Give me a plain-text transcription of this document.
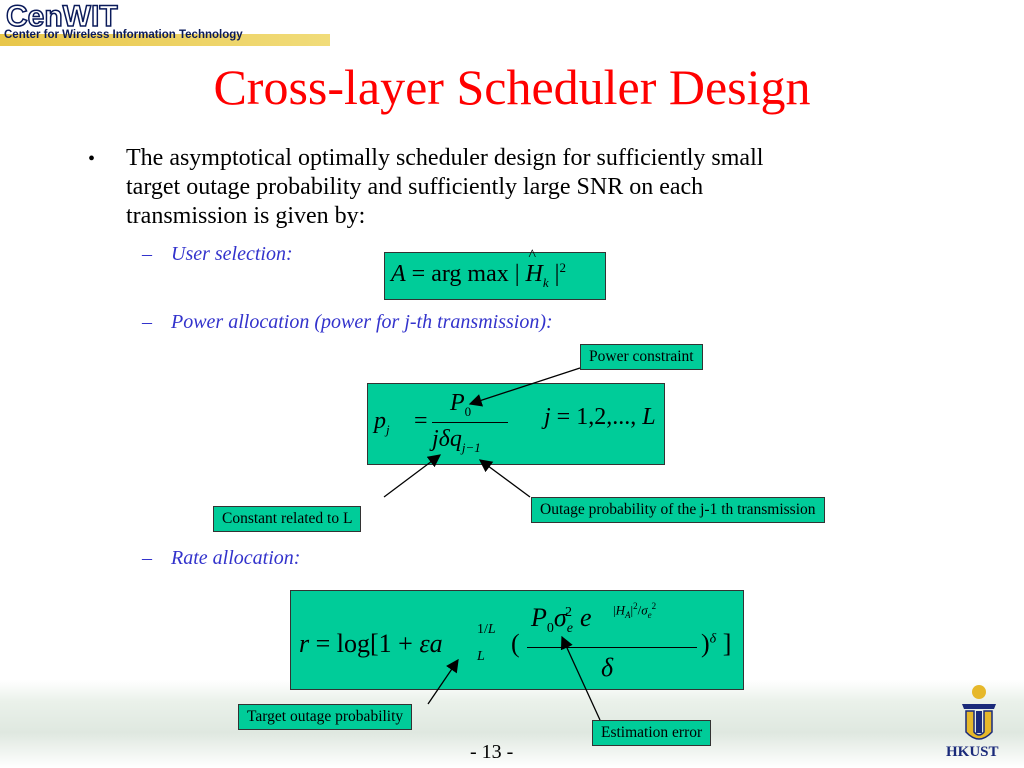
CenWIT
Center for Wireless Information Technology
Cross-layer Scheduler Design
• The asymptotical optimally scheduler design for sufficiently small
target outage probability and sufficiently large SNR on each
transmission is given by:
– User selection:
A = arg max | H
^
$_k$ $|^2$
– Power allocation (power for j-th transmission):
Power constraint
$p_j$ =
$P_0$
jδq$_{j-1}$
j = 1,2,..., L
Constant related to L
Outage probability of the j-1 th transmission
– Rate allocation:
r = log[1 + εa 1/L
L (
$P_0\sigma_e^2$ e $|H_A|^2/\sigma_e^2$
δ
)$^\delta$ ]
Target outage probability
Estimation error
- 13 -	HKUST
